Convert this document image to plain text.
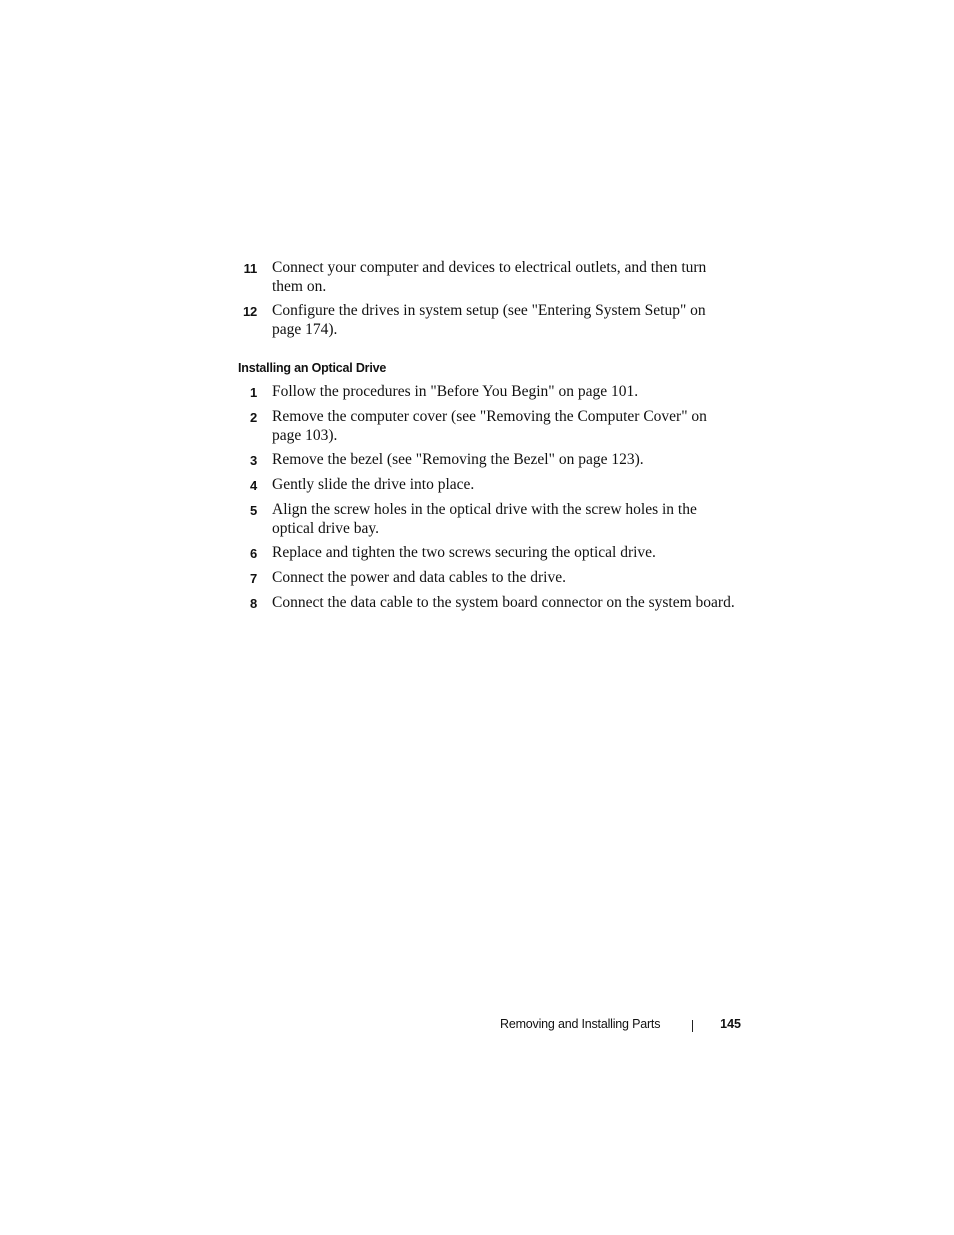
11 Connect your computer and devices to electrical outlets, and then turn them on.
12 Configure the drives in system setup (see "Entering System Setup" on page 174).
Installing an Optical Drive
1 Follow the procedures in "Before You Begin" on page 101.
2 Remove the computer cover (see "Removing the Computer Cover" on page 103).
3 Remove the bezel (see "Removing the Bezel" on page 123).
4 Gently slide the drive into place.
5 Align the screw holes in the optical drive with the screw holes in the optical drive bay.
6 Replace and tighten the two screws securing the optical drive.
7 Connect the power and data cables to the drive.
8 Connect the data cable to the system board connector on the system board.
Removing and Installing Parts	145
